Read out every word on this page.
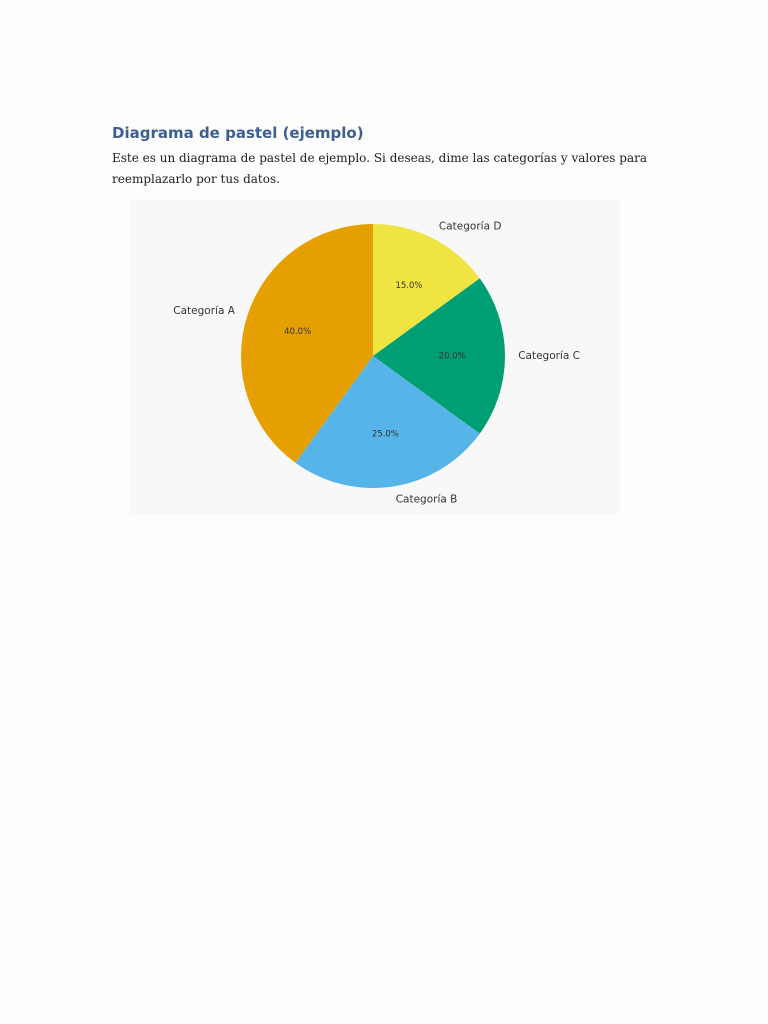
Diagrama de pastel (ejemplo)

Este es un diagrama de pastel de ejemplo. Si deseas, dime las categorías y valores para reemplazarlo por tus datos.

15.0%
Categoría D
20.0%	Categoría C
25.0%
Categoría B
40.0%
Categoría A
